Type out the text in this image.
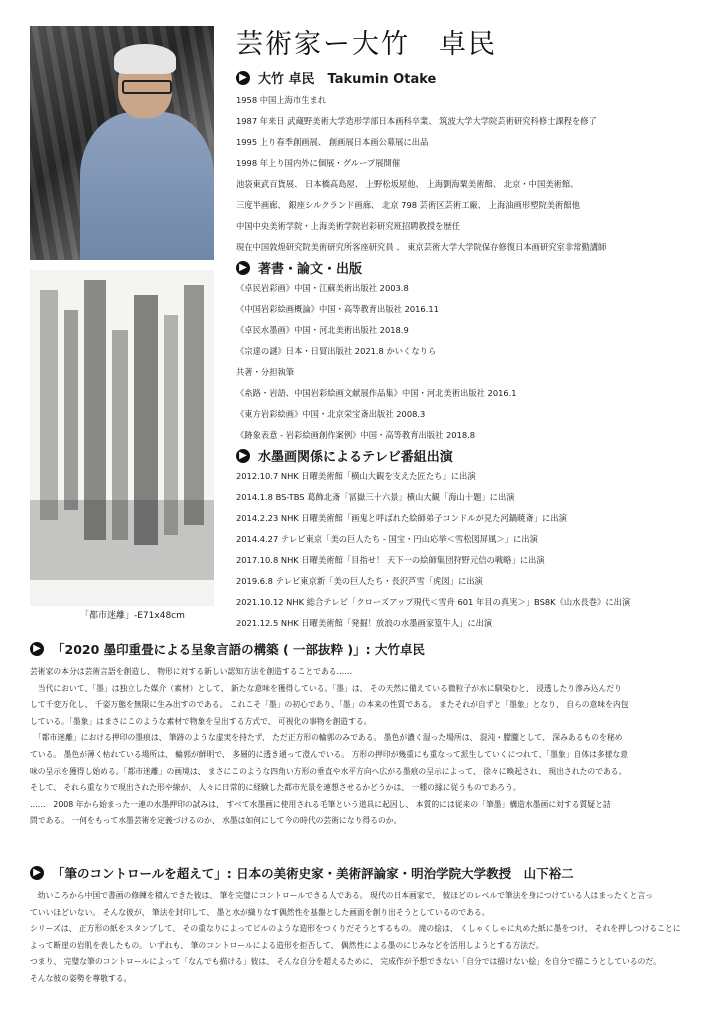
「都市迷離」-E71x48cm
芸術家ー大竹　卓民
▶ 大竹 卓民　Takumin Otake
1958 中国上海市生まれ
1987 年来日 武蔵野美術大学造形学部日本画科卒業、 筑波大学大学院芸術研究科修士課程を修了
1995 上り春季創画展、 創画展日本画公募展に出品
1998 年上り国内外に個展・グループ展開催
池袋東武百貨展、 日本橋高島屋、 上野松坂屋他、 上海劉海粟美術館、 北京・中国美術館、
三度半画廊、 銀座シルクランド画廊、 北京 798 芸術区芸術工廠、 上海油画形塑院美術館他
中国中央美術学院・上海美術学院岩彩研究班招聘教授を歴任
現在中国敦煌研究院美術研究所客座研究員 、 東京芸術大学大学院保存修復日本画研究室非常勤講師
▶ 著書・論文・出版
《卓民岩彩画》中国・江蘇美術出版社 2003.8
《中国岩彩絵画概論》中国・高等教育出版社 2016.11
《卓民水墨画》中国・河北美術出版社 2018.9
《宗達の謎》日本・日貿出版社 2021.8 かいくなりら
共著・分担執筆
《糸路・岩語、中国岩彩絵画文献展作品集》中国・河北美術出版社 2016.1
《東方岩彩絵画》中国・北京栄宝斎出版社 2008.3
《跡象表意 - 岩彩絵画創作案例》中国・高等教育出版社 2018.8
▶ 水墨画関係によるテレビ番組出演
2012.10.7 NHK 日曜美術館「横山大観を支えた匠たち」に出演
2014.1.8 BS-TBS 葛飾北斎「冨嶽三十六景」横山大観「海山十題」に出演
2014.2.23 NHK 日曜美術館「画鬼と呼ばれた絵師弟子コンドルが見た河鍋暁斎」に出演
2014.4.27 テレビ東京「美の巨人たち - 国宝・円山応挙＜雪松図屏風＞」に出演
2017.10.8 NHK 日曜美術館「目指せ！ 天下一の絵師集団狩野元信の戦略」に出演
2019.6.8 テレビ東京新「美の巨人たち・長沢芦雪「虎図」に出演
2021.10.12 NHK 総合テレビ「クローズアップ現代＜雪舟 601 年目の真実＞」BS8K《山水長巻》に出演
2021.12.5 NHK 日曜美術館「発掘！放浪の水墨画家篁牛人」に出演
▶ 「2020 墨印重畳による呈象言語の構築 ( 一部抜粋 )」: 大竹卓民
芸術家の本分は芸術言語を創造し、 物形に対する新しい認知方法を創造することである……
　当代において、「墨」は独立した媒介（素材）として、 新たな意味を獲得している。「墨」は、 その天然に備えている微粒子が水に馴染むと、 浸透したり滲み込んだり
して千変万化し、 千姿万態を無限に生み出すのである。 これこそ「墨」の初心であり、「墨」の本来の性質である。 またそれが自ずと「墨象」となり、 自らの意味を内包
している。「墨象」はまさにこのような素材で物象を呈出する方式で、 可視化の事物を創造する。
　「都市迷離」における押印の墨痕は、 筆跡のような虚実を持たず、 ただ正方形の輪郭のみである。 墨色が濃く湿った場所は、 混沌・朦朧として、 深みあるものを秘め
ている。 墨色が薄く枯れている場所は、 輪郭が鮮明で、 多層的に透き通って澄んでいる。 方形の押印が幾重にも重なって派生していくにつれて、「墨象」自体は多様な意
味の呈示を獲得し始める。「都市迷離」の画境は、 まさにこのような四角い方形の垂直や水平方向へ広がる墨痕の呈示によって、 徐々に喚起され、 現出されたのである。
そして、 それら重なりで現出された形や線が、 人々に日常的に経験した都市光景を連想させるかどうかは、 一種の縁に従うものであろう。
……　2008 年から始まった一連の水墨押印の試みは、 すべて水墨画に使用される毛筆という道具に起因し、 本質的には従来の「筆墨」構造水墨画に対する質疑と詰
問である。 一何をもって水墨芸術を定義づけるのか、 水墨は如何にして今の時代の芸術になり得るのか。
▶ 「筆のコントロールを超えて」: 日本の美術史家・美術評論家・明治学院大学教授　山下裕二
　幼いころから中国で書画の修練を積んできた彼は、 筆を完璧にコントロールできる人である。 現代の日本画家で、 彼ほどのレベルで筆法を身につけている人はまったくと言っ
ていいほどいない。 そんな彼が、 筆法を封印して、 墨と水が織りなす偶然性を基盤とした画面を創り出そうとしているのである。
シリーズは、 正方形の紙をスタンプして、 その重なりによってビルのような造形をつくりだそうとするもの。 滝の絵は、 くしゃくしゃに丸めた紙に墨をつけ、 それを押しつけることに
よって断崖の岩肌を表したもの。 いずれも、 筆のコントロールによる造形を拒否して、 偶然性による墨のにじみなどを活用しようとする方法だ。
つまり、 完璧な筆のコントロールによって「なんでも描ける」彼は、 そんな自分を超えるために、 完成作が予想できない「自分では描けない絵」を自分で描こうとしているのだ。
そんな彼の姿勢を尊敬する。
